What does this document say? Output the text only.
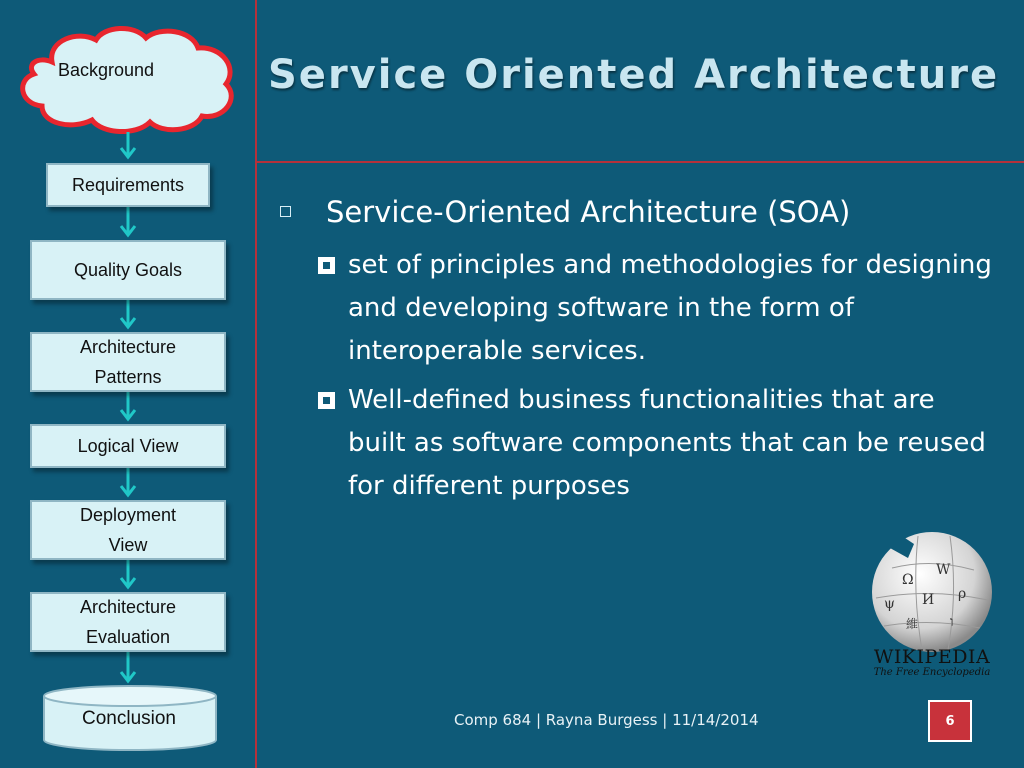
Service Oriented Architecture
Background
Requirements
Quality Goals
Architecture
Patterns
Logical View
Deployment
View
Architecture
Evaluation
Conclusion
Service-Oriented Architecture (SOA)
set of principles and methodologies for designing and developing software in the form of interoperable services.
Well-defined business functionalities that are built as software components that can be reused for different purposes
Ω
W
И
維
ρ
ו
ψ
WIKIPEDIA
The Free Encyclopedia
Comp 684 | Rayna Burgess | 11/14/2014	6
